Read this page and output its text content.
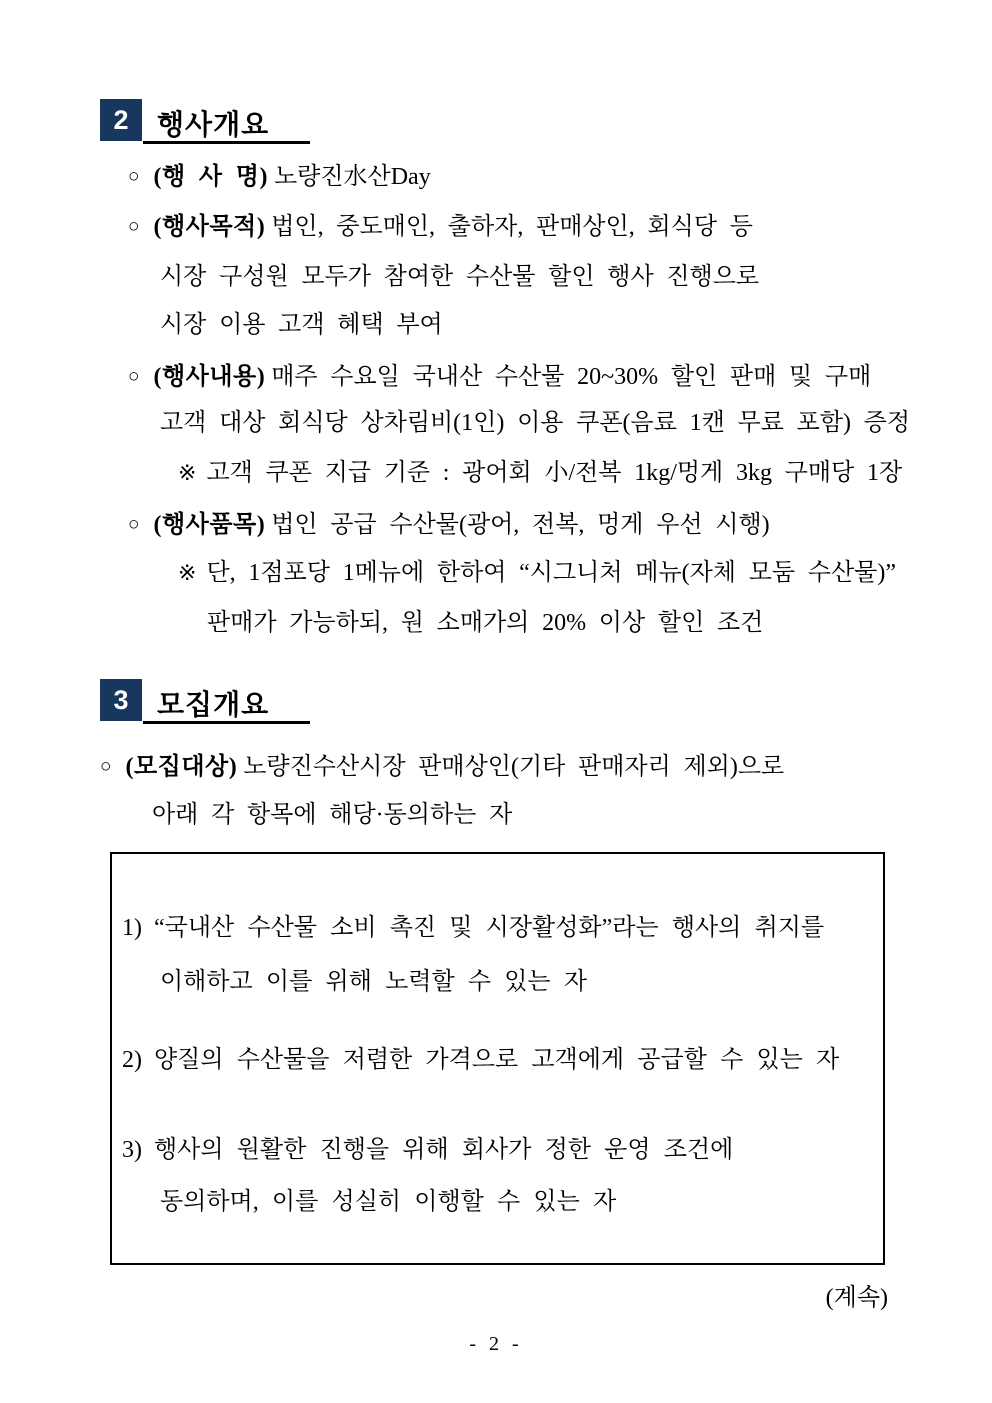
2	행사개요
○ (행 사 명) 노량진水산Day
○ (행사목적) 법인, 중도매인, 출하자, 판매상인, 회식당 등
시장 구성원 모두가 참여한 수산물 할인 행사 진행으로
시장 이용 고객 혜택 부여
○ (행사내용) 매주 수요일 국내산 수산물 20~30% 할인 판매 및 구매
고객 대상 회식당 상차림비(1인) 이용 쿠폰(음료 1캔 무료 포함) 증정
※ 고객 쿠폰 지급 기준 : 광어회 小/전복 1kg/멍게 3kg 구매당 1장
○ (행사품목) 법인 공급 수산물(광어, 전복, 멍게 우선 시행)
※ 단, 1점포당 1메뉴에 한하여 “시그니처 메뉴(자체 모둠 수산물)”
판매가 가능하되, 원 소매가의 20% 이상 할인 조건
3	모집개요
○ (모집대상) 노량진수산시장 판매상인(기타 판매자리 제외)으로
아래 각 항목에 해당·동의하는 자
1) “국내산 수산물 소비 촉진 및 시장활성화”라는 행사의 취지를
이해하고 이를 위해 노력할 수 있는 자
2) 양질의 수산물을 저렴한 가격으로 고객에게 공급할 수 있는 자
3) 행사의 원활한 진행을 위해 회사가 정한 운영 조건에
동의하며, 이를 성실히 이행할 수 있는 자
(계속)
- 2 -
